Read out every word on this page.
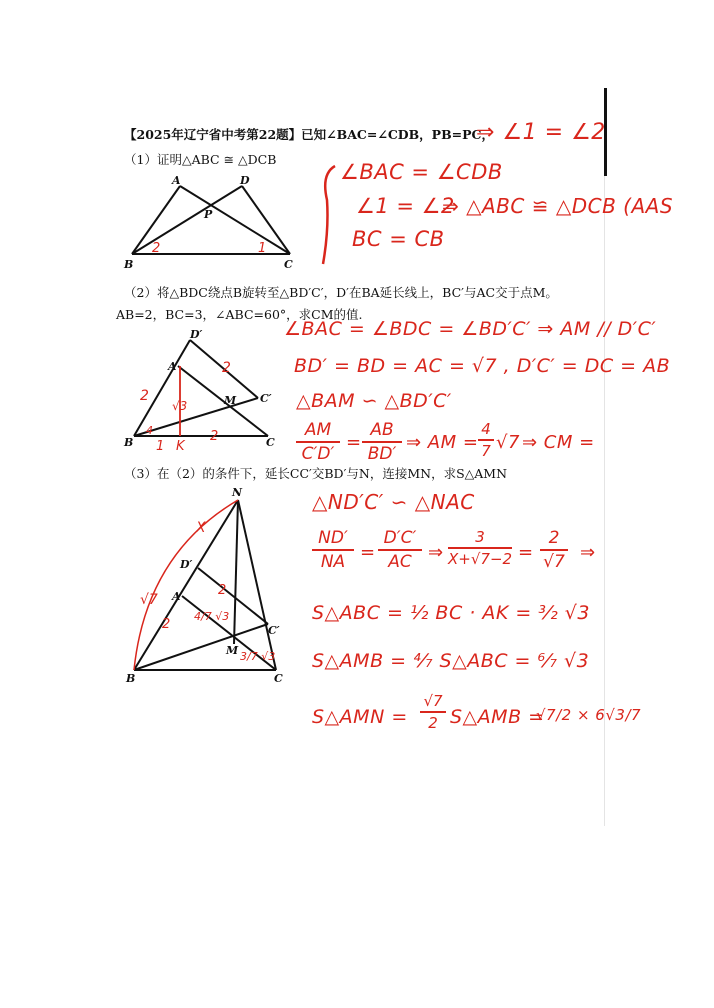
【2025年辽宁省中考第22题】已知∠BAC=∠CDB，PB=PC，
（1）证明△ABC ≅ △DCB
（2）将△BDC绕点B旋转至△BD′C′，D′在BA延长线上，BC′与AC交于点M。
AB=2，BC=3，∠ABC=60°，求CM的值.
（3）在（2）的条件下，延长CC′交BD′与N，连接MN，求S△AMN
A	D
P
B	C
2	1
⇒ ∠1 = ∠2
∠BAC = ∠CDB
∠1 = ∠2
BC = CB
⇒ △ABC ≌ △DCB (AAS
D′
A
M C′
B	C
2
2
√3
4
1 K
2
∠BAC = ∠BDC = ∠BD′C′ ⇒ AM // D′C′
BD′ = BD = AC = √7 , D′C′ = DC = AB
△BAM ∽ △BD′C′
AM
C′D′
=
AB
BD′
⇒ AM =
4
7 √7 ⇒ CM =
N
D′
A
C′
M
B	C
X
√7
2
2
4/7 √3
3/7 √3
△ND′C′ ∽ △NAC
ND′
NA =
D′C′
AC ⇒
3
X+√7−2 =
2
√7 ⇒
S△ABC = ½ BC · AK = ³⁄₂ √3
S△AMB = ⁴⁄₇ S△ABC = ⁶⁄₇ √3
S△AMN =
√7
2 S△AMB =
√7/2 × 6√3/7
